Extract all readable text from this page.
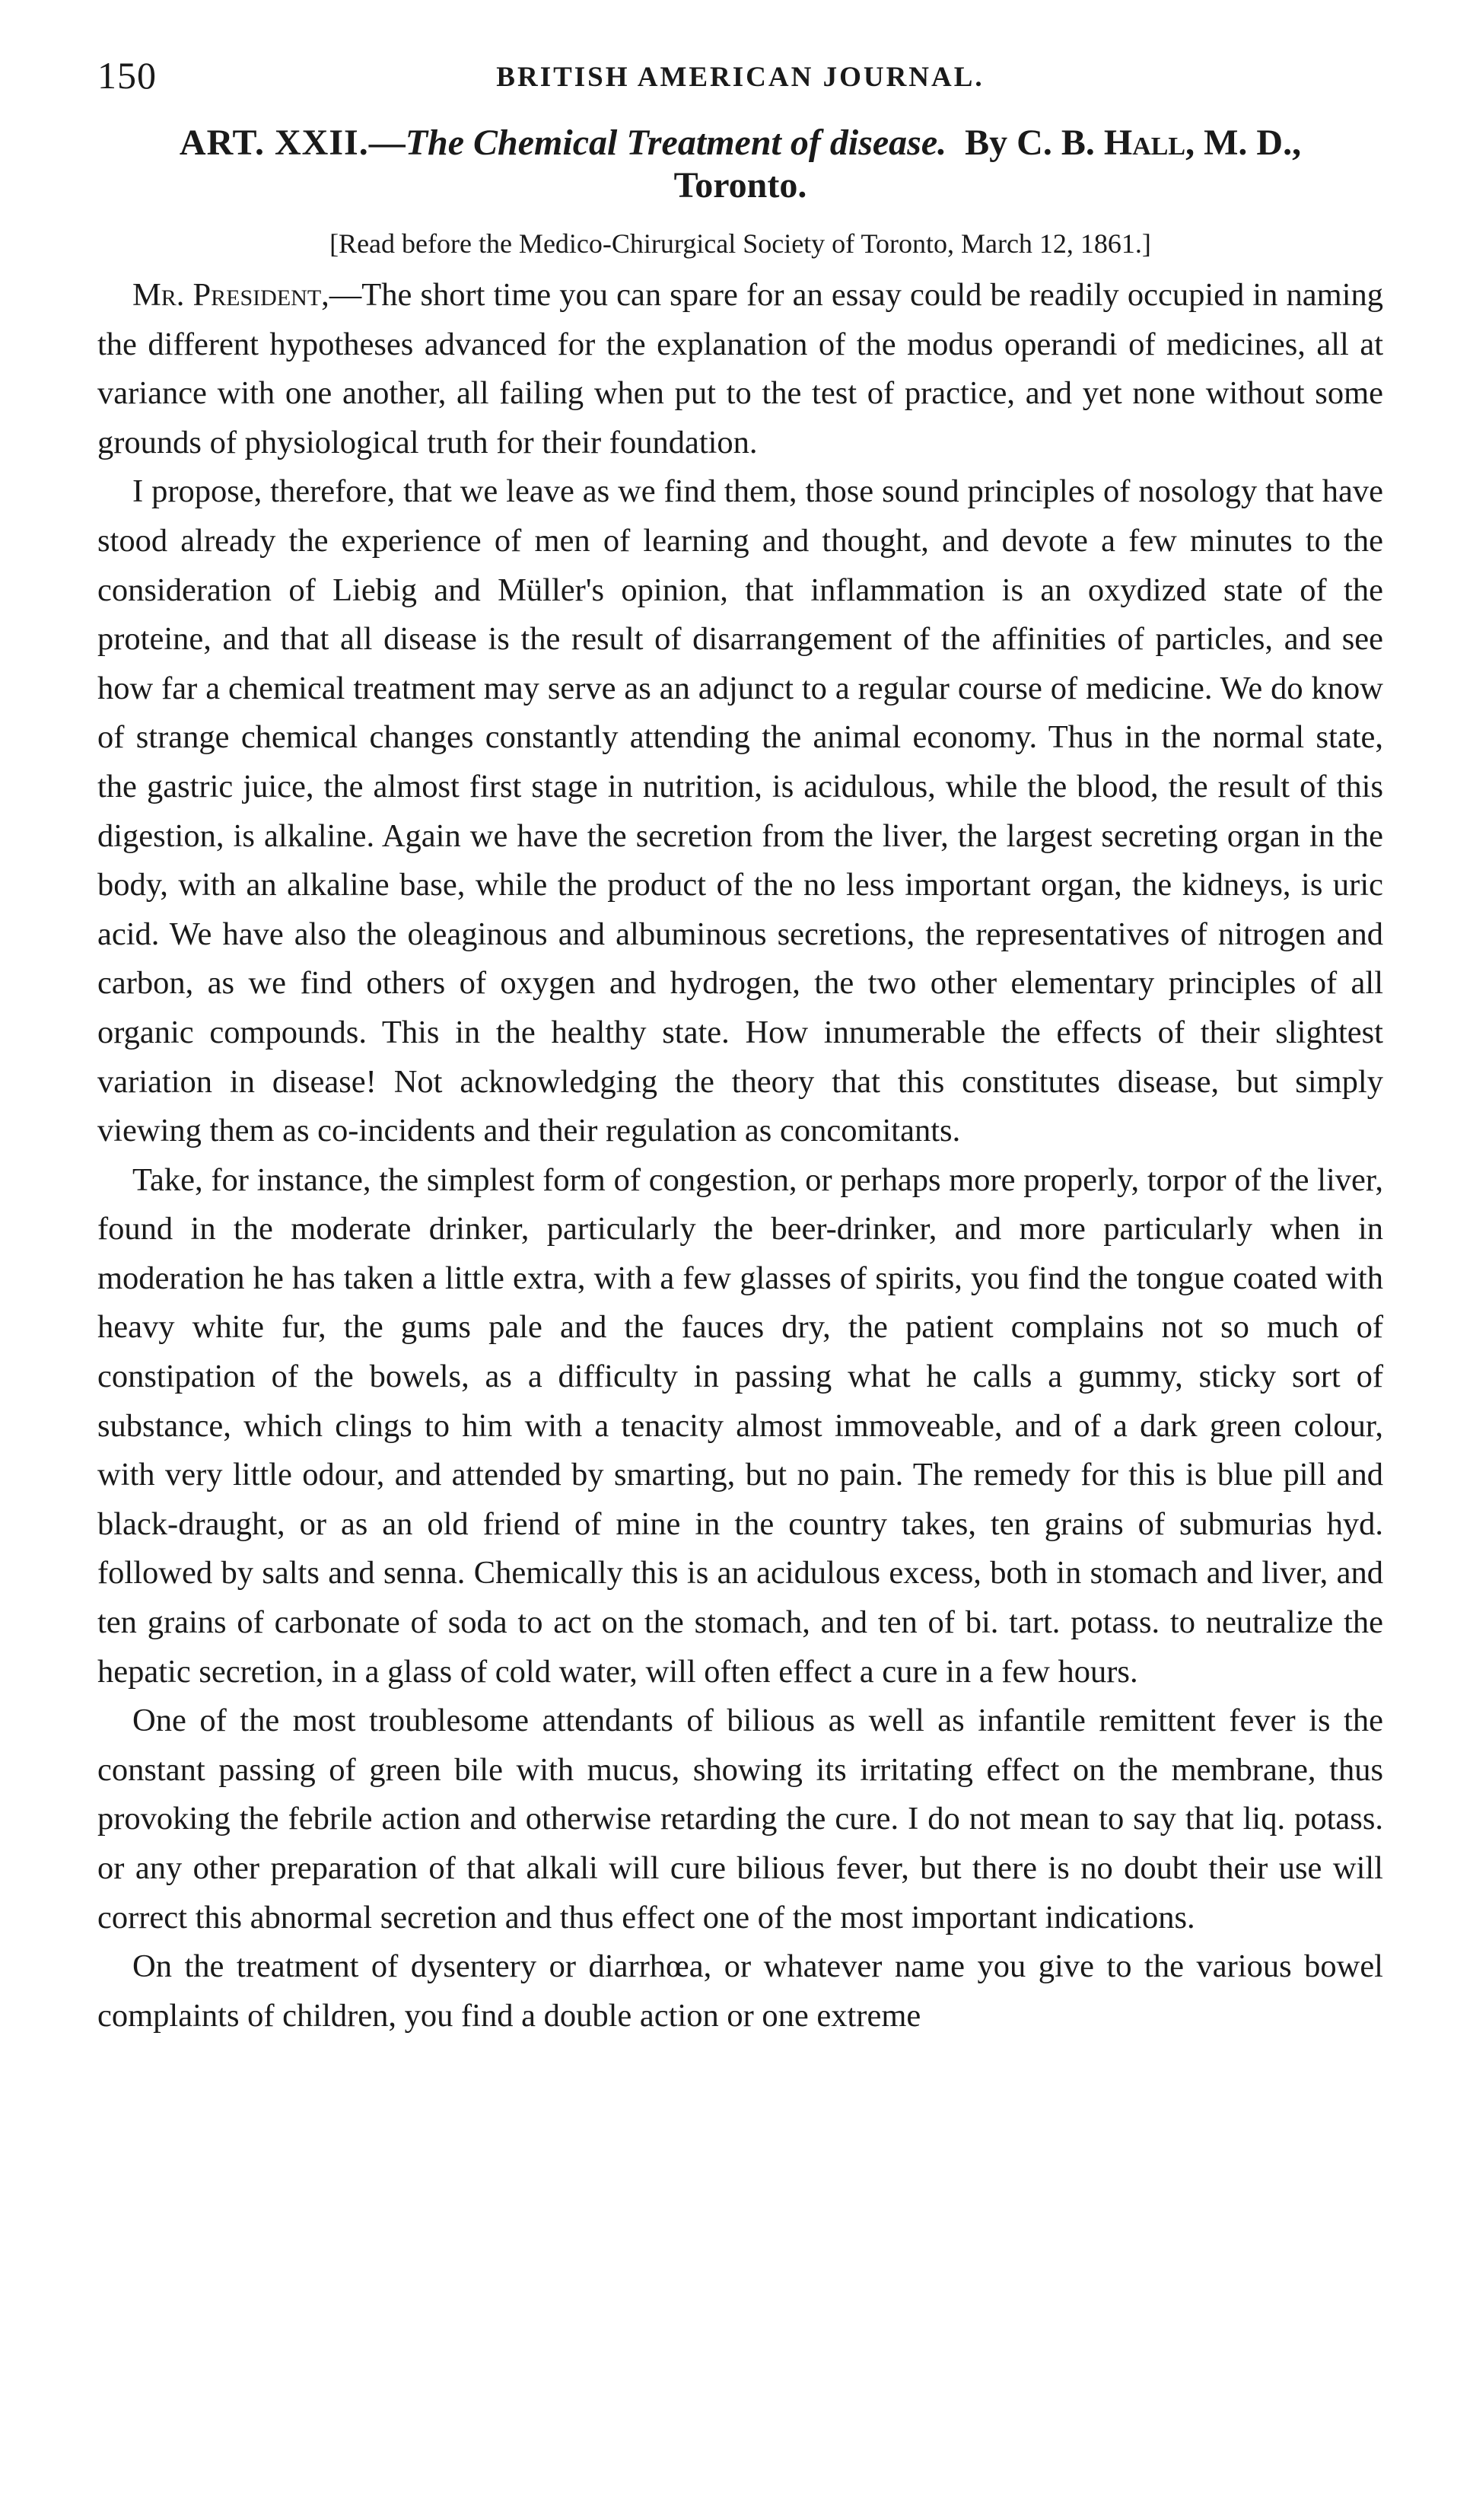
150	BRITISH AMERICAN JOURNAL.
ART. XXII.—The Chemical Treatment of disease. By C. B. Hall, M. D.,
Toronto.
[Read before the Medico-Chirurgical Society of Toronto, March 12, 1861.]

Mr. President,—The short time you can spare for an essay could be readily occupied in naming the different hypotheses advanced for the explanation of the modus operandi of medicines, all at variance with one another, all failing when put to the test of practice, and yet none without some grounds of physiological truth for their foundation.

I propose, therefore, that we leave as we find them, those sound principles of nosology that have stood already the experience of men of learning and thought, and devote a few minutes to the consideration of Liebig and Müller's opinion, that inflammation is an oxydized state of the proteine, and that all disease is the result of disarrangement of the affinities of particles, and see how far a chemical treatment may serve as an adjunct to a regular course of medicine. We do know of strange chemical changes constantly attending the animal economy. Thus in the normal state, the gastric juice, the almost first stage in nutrition, is acidulous, while the blood, the result of this digestion, is alkaline. Again we have the secretion from the liver, the largest secreting organ in the body, with an alkaline base, while the product of the no less important organ, the kidneys, is uric acid. We have also the oleaginous and albuminous secretions, the representatives of nitrogen and carbon, as we find others of oxygen and hydrogen, the two other elementary principles of all organic compounds. This in the healthy state. How innumerable the effects of their slightest variation in disease! Not acknowledging the theory that this constitutes disease, but simply viewing them as co-incidents and their regulation as concomitants.

Take, for instance, the simplest form of congestion, or perhaps more properly, torpor of the liver, found in the moderate drinker, particularly the beer-drinker, and more particularly when in moderation he has taken a little extra, with a few glasses of spirits, you find the tongue coated with heavy white fur, the gums pale and the fauces dry, the patient complains not so much of constipation of the bowels, as a difficulty in passing what he calls a gummy, sticky sort of substance, which clings to him with a tenacity almost immoveable, and of a dark green colour, with very little odour, and attended by smarting, but no pain. The remedy for this is blue pill and black-draught, or as an old friend of mine in the country takes, ten grains of submurias hyd. followed by salts and senna. Chemically this is an acidulous excess, both in stomach and liver, and ten grains of carbonate of soda to act on the stomach, and ten of bi. tart. potass. to neutralize the hepatic secretion, in a glass of cold water, will often effect a cure in a few hours.

One of the most troublesome attendants of bilious as well as infantile remittent fever is the constant passing of green bile with mucus, showing its irritating effect on the membrane, thus provoking the febrile action and otherwise retarding the cure. I do not mean to say that liq. potass. or any other preparation of that alkali will cure bilious fever, but there is no doubt their use will correct this abnormal secretion and thus effect one of the most important indications.

On the treatment of dysentery or diarrhœa, or whatever name you give to the various bowel complaints of children, you find a double action or one extreme
